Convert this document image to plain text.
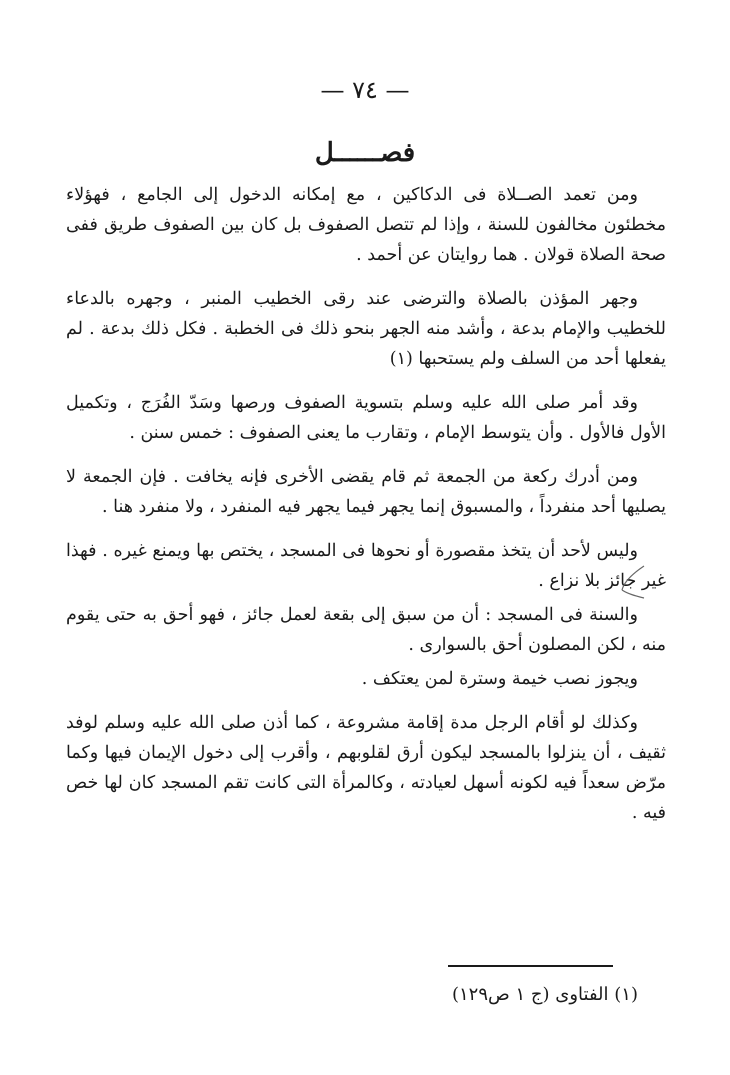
— ٧٤ —
فصــــــل

ومن تعمد الصــلاة فى الدكاكين ، مع إمكانه الدخول إلى الجامع ، فهؤلاء مخطئون مخالفون للسنة ، وإذا لم تتصل الصفوف بل كان بين الصفوف طريق ففى صحة الصلاة قولان . هما روايتان عن أحمد .

وجهر المؤذن بالصلاة والترضى عند رقى الخطيب المنبر ، وجهره بالدعاء للخطيب والإمام بدعة ، وأشد منه الجهر بنحو ذلك فى الخطبة . فكل ذلك بدعة . لم يفعلها أحد من السلف ولم يستحبها (١)

وقد أمر صلى الله عليه وسلم بتسوية الصفوف ورصها وسَدّ الفُرَج ، وتكميل الأول فالأول . وأن يتوسط الإمام ، وتقارب ما يعنى الصفوف : خمس سنن .

ومن أدرك ركعة من الجمعة ثم قام يقضى الأخرى فإنه يخافت . فإن الجمعة لا يصليها أحد منفرداً ، والمسبوق إنما يجهر فيما يجهر فيه المنفرد ، ولا منفرد هنا .

وليس لأحد أن يتخذ مقصورة أو نحوها فى المسجد ، يختص بها ويمنع غيره . فهذا غير جائز بلا نزاع .

والسنة فى المسجد : أن من سبق إلى بقعة لعمل جائز ، فهو أحق به حتى يقوم منه ، لكن المصلون أحق بالسوارى .

ويجوز نصب خيمة وسترة لمن يعتكف .

وكذلك لو أقام الرجل مدة إقامة مشروعة ، كما أذن صلى الله عليه وسلم لوفد ثقيف ، أن ينزلوا بالمسجد ليكون أرق لقلوبهم ، وأقرب إلى دخول الإيمان فيها وكما مرّض سعداً فيه لكونه أسهل لعيادته ، وكالمرأة التى كانت تقم المسجد كان لها خص فيه .

(١) الفتاوى (ج ١ ص١٢٩)
